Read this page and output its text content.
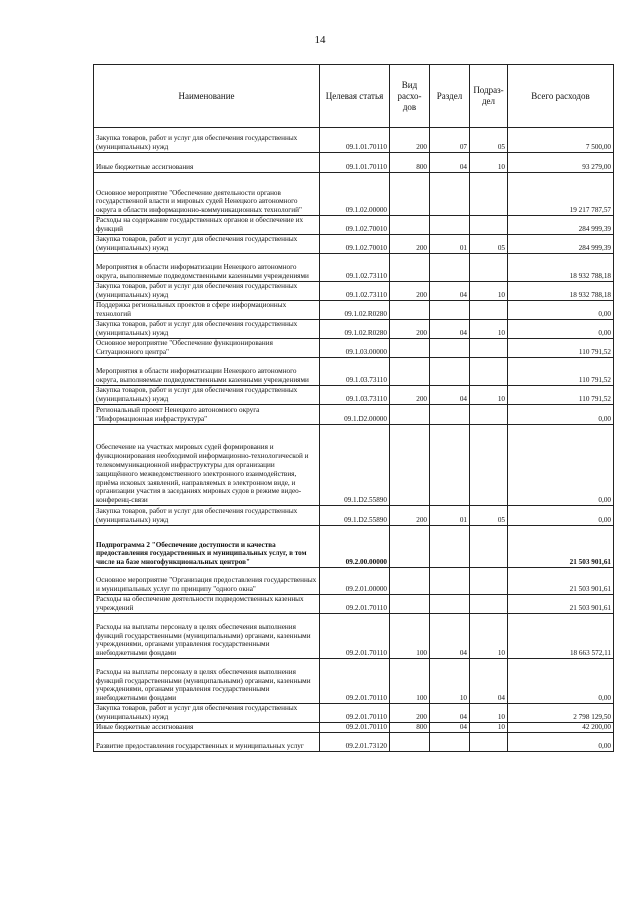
14
Наименование	Целевая статья	Вид расхо-дов	Раздел	Подраз-дел	Всего расходов
Закупка товаров, работ и услуг для обеспечения государственных (муниципальных) нужд	09.1.01.70110	200	07	05	7 500,00
Иные бюджетные ассигнования	09.1.01.70110	800	04	10	93 279,00
Основное мероприятие "Обеспечение деятельности органов государственной власти и мировых судей Ненецкого автономного округа в области информационно-коммуникационных технологий"	09.1.02.00000				19 217 787,57
Расходы на содержание государственных органов и обеспечение их функций	09.1.02.70010				284 999,39
Закупка товаров, работ и услуг для обеспечения государственных (муниципальных) нужд	09.1.02.70010	200	01	05	284 999,39
Мероприятия в области информатизации Ненецкого автономного округа, выполняемые подведомственными казенными учреждениями	09.1.02.73110				18 932 788,18
Закупка товаров, работ и услуг для обеспечения государственных (муниципальных) нужд	09.1.02.73110	200	04	10	18 932 788,18
Поддержка региональных проектов в сфере информационных технологий	09.1.02.R0280				0,00
Закупка товаров, работ и услуг для обеспечения государственных (муниципальных) нужд	09.1.02.R0280	200	04	10	0,00
Основное мероприятие "Обеспечение функционирования Ситуационного центра"	09.1.03.00000				110 791,52
Мероприятия в области информатизации Ненецкого автономного округа, выполняемые подведомственными казенными учреждениями	09.1.03.73110				110 791,52
Закупка товаров, работ и услуг для обеспечения государственных (муниципальных) нужд	09.1.03.73110	200	04	10	110 791,52
Региональный проект Ненецкого автономного округа "Информационная инфраструктура"	09.1.D2.00000				0,00
Обеспечение на участках мировых судей формирования и функционирования необходимой информационно-технологической и телекоммуникационной инфраструктуры для организации защищённого межведомственного электронного взаимодействия, приёма исковых заявлений, направляемых в электронном виде, и организации участия в заседаниях мировых судов в режиме видео-конференц-связи	09.1.D2.55890				0,00
Закупка товаров, работ и услуг для обеспечения государственных (муниципальных) нужд	09.1.D2.55890	200	01	05	0,00
Подпрограмма 2 "Обеспечение доступности и качества предоставления государственных и муниципальных услуг, в том числе на базе многофункциональных центров"	09.2.00.00000				21 503 901,61
Основное мероприятие "Организация предоставления государственных и муниципальных услуг по принципу "одного окна"	09.2.01.00000				21 503 901,61
Расходы на обеспечение деятельности подведомственных казенных учреждений	09.2.01.70110				21 503 901,61
Расходы на выплаты персоналу в целях обеспечения выполнения функций государственными (муниципальными) органами, казенными учреждениями, органами управления государственными внебюджетными фондами	09.2.01.70110	100	04	10	18 663 572,11
Расходы на выплаты персоналу в целях обеспечения выполнения функций государственными (муниципальными) органами, казенными учреждениями, органами управления государственными внебюджетными фондами	09.2.01.70110	100	10	04	0,00
Закупка товаров, работ и услуг для обеспечения государственных (муниципальных) нужд	09.2.01.70110	200	04	10	2 798 129,50
Иные бюджетные ассигнования	09.2.01.70110	800	04	10	42 200,00
Развитие предоставления государственных и муниципальных услуг	09.2.01.73120				0,00
